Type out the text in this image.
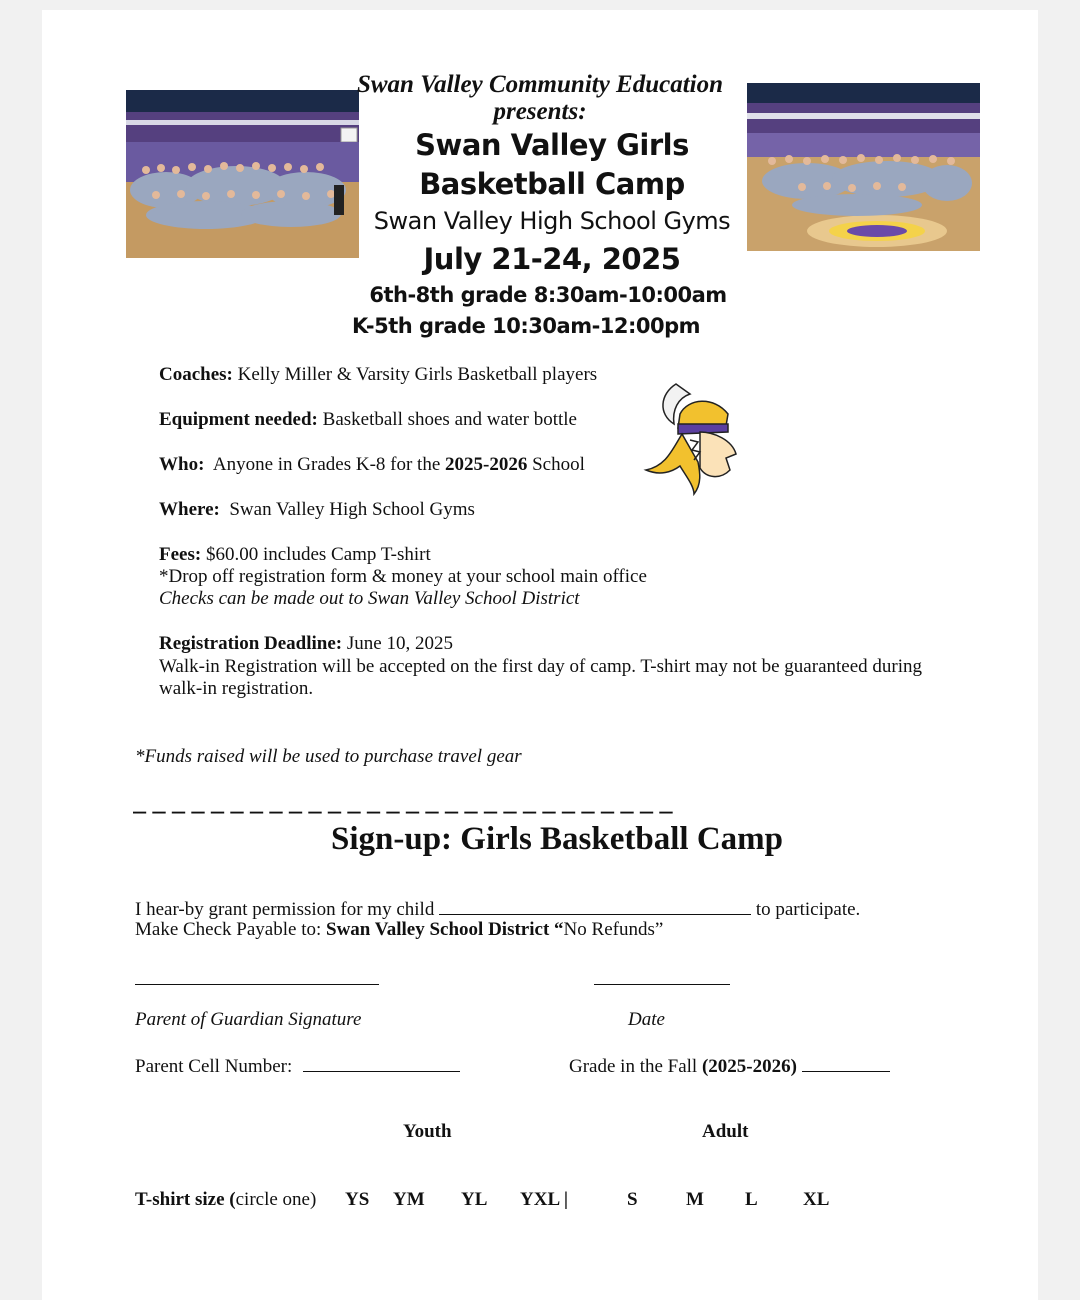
Swan Valley Community Education
presents:
Swan Valley Girls
Basketball Camp
Swan Valley High School Gyms
July 21-24, 2025
6th-8th grade 8:30am-10:00am
K-5th grade 10:30am-12:00pm
Coaches: Kelly Miller & Varsity Girls Basketball players
Equipment needed: Basketball shoes and water bottle
Who: Anyone in Grades K-8 for the 2025-2026 School
Where: Swan Valley High School Gyms
Fees: $60.00 includes Camp T-shirt
*Drop off registration form & money at your school main office
Checks can be made out to Swan Valley School District
Registration Deadline: June 10, 2025
Walk-in Registration will be accepted on the first day of camp. T-shirt may not be guaranteed during
walk-in registration.
*Funds raised will be used to purchase travel gear
_ _ _ _ _ _ _ _ _ _ _ _ _ _ _ _ _ _ _ _ _ _ _ _ _ _ _ _
Sign-up: Girls Basketball Camp
I hear-by grant permission for my child	to participate.
Make Check Payable to: Swan Valley School District “No Refunds”
Parent of Guardian Signature	Date
Parent Cell Number:	Grade in the Fall (2025-2026)
Youth	Adult
T-shirt size (circle one) YS YM YL YXL |	S	M L XL
